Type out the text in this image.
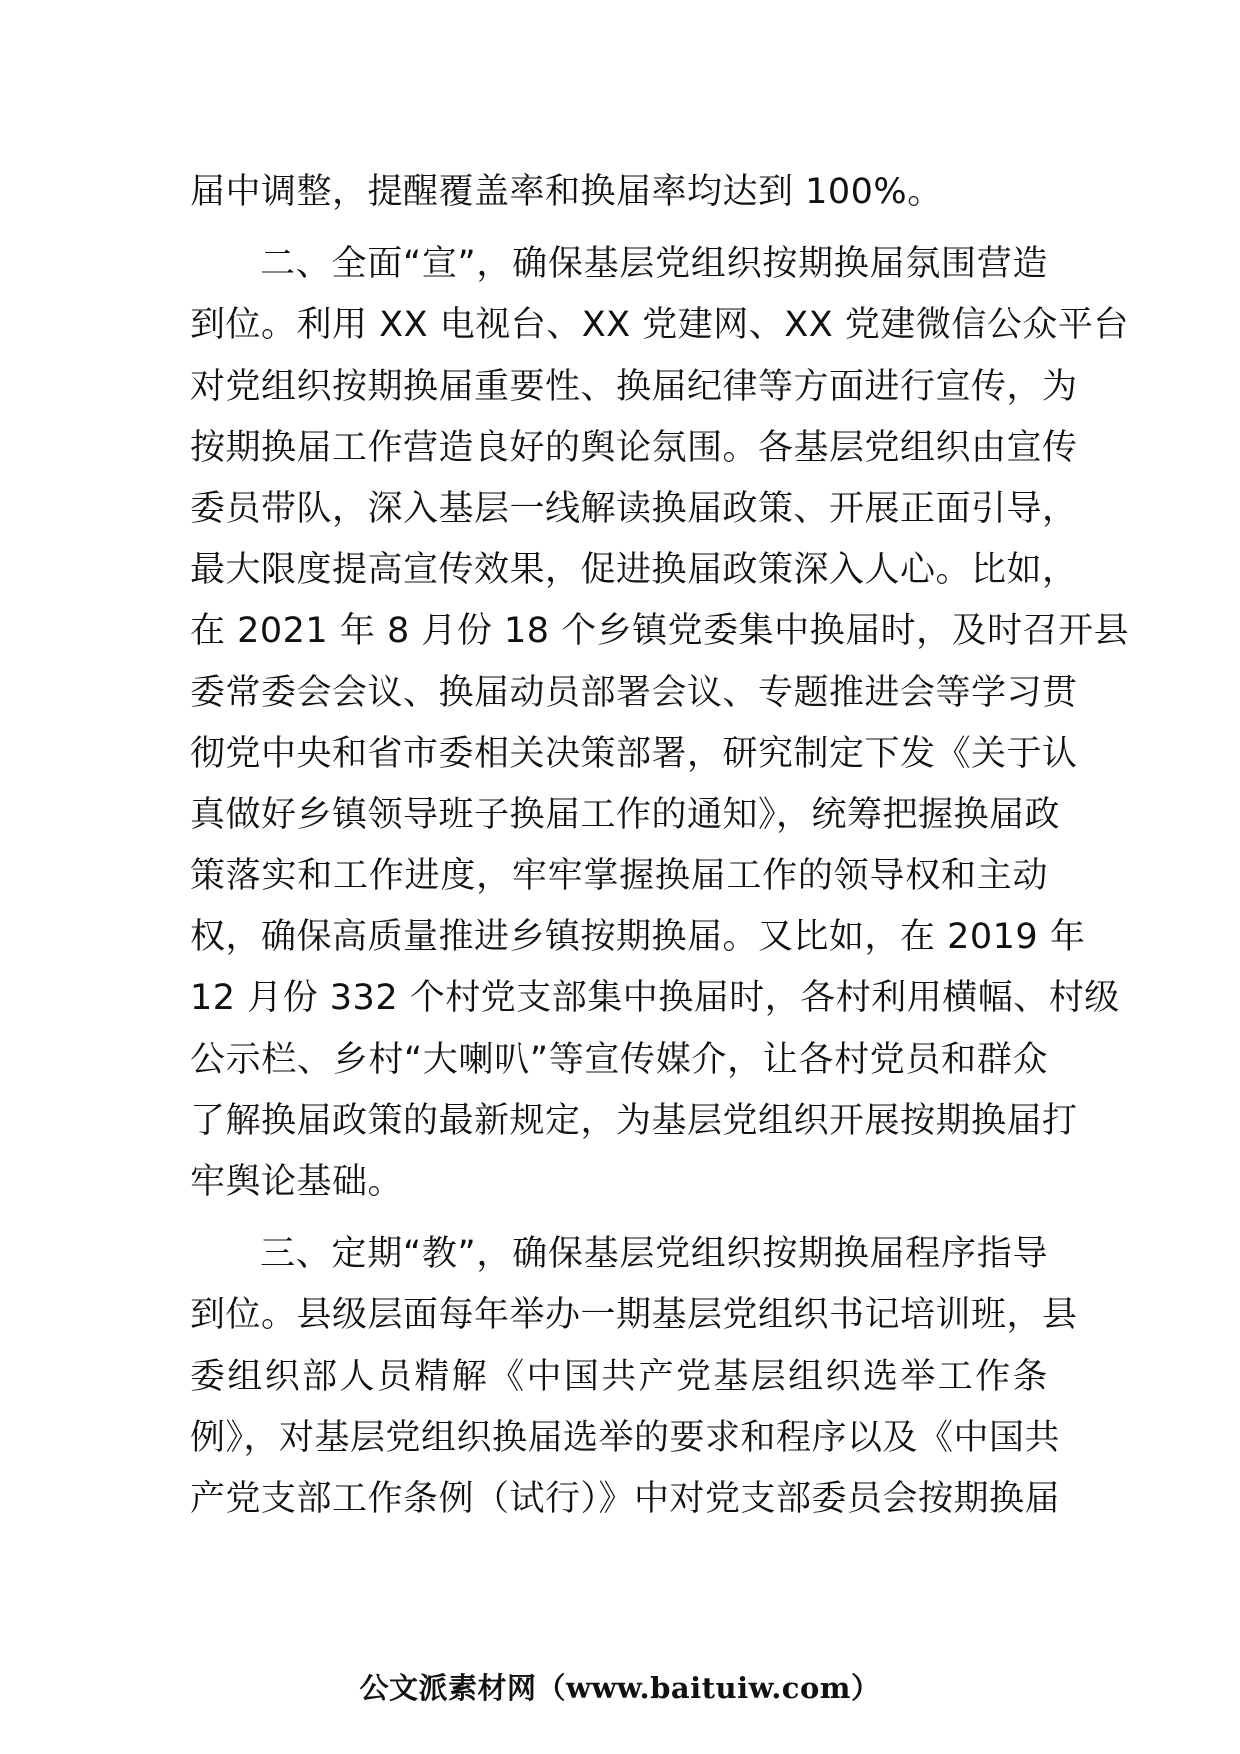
届中调整，提醒覆盖率和换届率均达到 100%。
二、全面“宣”，确保基层党组织按期换届氛围营造
到位。利用 XX 电视台、XX 党建网、XX 党建微信公众平台
对党组织按期换届重要性、换届纪律等方面进行宣传，为
按期换届工作营造良好的舆论氛围。各基层党组织由宣传
委员带队，深入基层一线解读换届政策、开展正面引导，
最大限度提高宣传效果，促进换届政策深入人心。比如，
在 2021 年 8 月份 18 个乡镇党委集中换届时，及时召开县
委常委会会议、换届动员部署会议、专题推进会等学习贯
彻党中央和省市委相关决策部署，研究制定下发《关于认
真做好乡镇领导班子换届工作的通知》，统筹把握换届政
策落实和工作进度，牢牢掌握换届工作的领导权和主动
权，确保高质量推进乡镇按期换届。又比如，在 2019 年
12 月份 332 个村党支部集中换届时，各村利用横幅、村级
公示栏、乡村“大喇叭”等宣传媒介，让各村党员和群众
了解换届政策的最新规定，为基层党组织开展按期换届打
牢舆论基础。
三、定期“教”，确保基层党组织按期换届程序指导
到位。县级层面每年举办一期基层党组织书记培训班，县
委组织部人员精解《中国共产党基层组织选举工作条
例》，对基层党组织换届选举的要求和程序以及《中国共
产党支部工作条例（试行）》中对党支部委员会按期换届
公文派素材网（www.baituiw.com）
